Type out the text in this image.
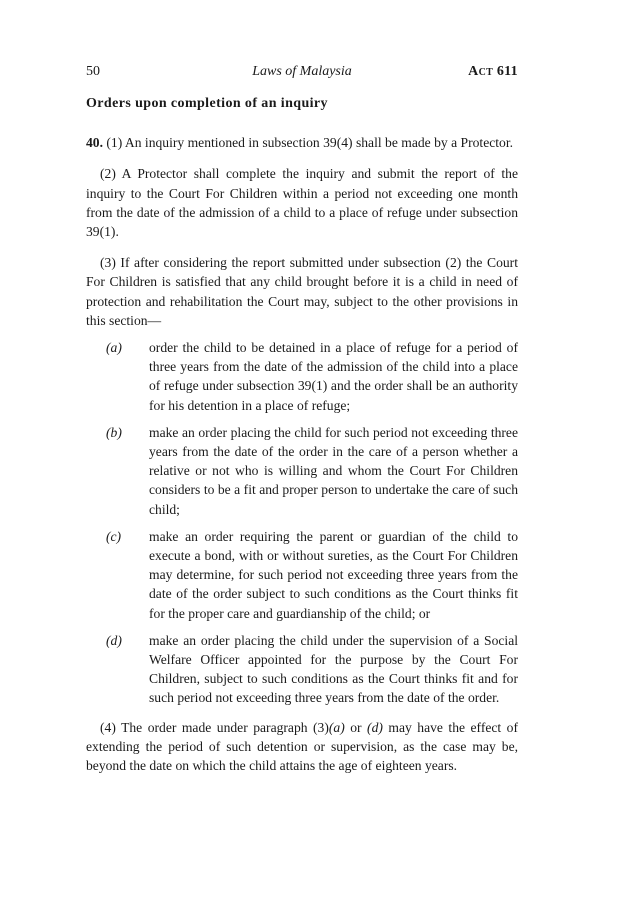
50	Laws of Malaysia	Act 611
Orders upon completion of an inquiry

40. (1) An inquiry mentioned in subsection 39(4) shall be made by a Protector.

(2) A Protector shall complete the inquiry and submit the report of the inquiry to the Court For Children within a period not exceeding one month from the date of the admission of a child to a place of refuge under subsection 39(1).

(3) If after considering the report submitted under subsection (2) the Court For Children is satisfied that any child brought before it is a child in need of protection and rehabilitation the Court may, subject to the other provisions in this section—

(a) order the child to be detained in a place of refuge for a period of three years from the date of the admission of the child into a place of refuge under subsection 39(1) and the order shall be an authority for his detention in a place of refuge;
(b) make an order placing the child for such period not exceeding three years from the date of the order in the care of a person whether a relative or not who is willing and whom the Court For Children considers to be a fit and proper person to undertake the care of such child;
(c) make an order requiring the parent or guardian of the child to execute a bond, with or without sureties, as the Court For Children may determine, for such period not exceeding three years from the date of the order subject to such conditions as the Court thinks fit for the proper care and guardianship of the child; or
(d) make an order placing the child under the supervision of a Social Welfare Officer appointed for the purpose by the Court For Children, subject to such conditions as the Court thinks fit and for such period not exceeding three years from the date of the order.

(4) The order made under paragraph (3)(a) or (d) may have the effect of extending the period of such detention or supervision, as the case may be, beyond the date on which the child attains the age of eighteen years.
